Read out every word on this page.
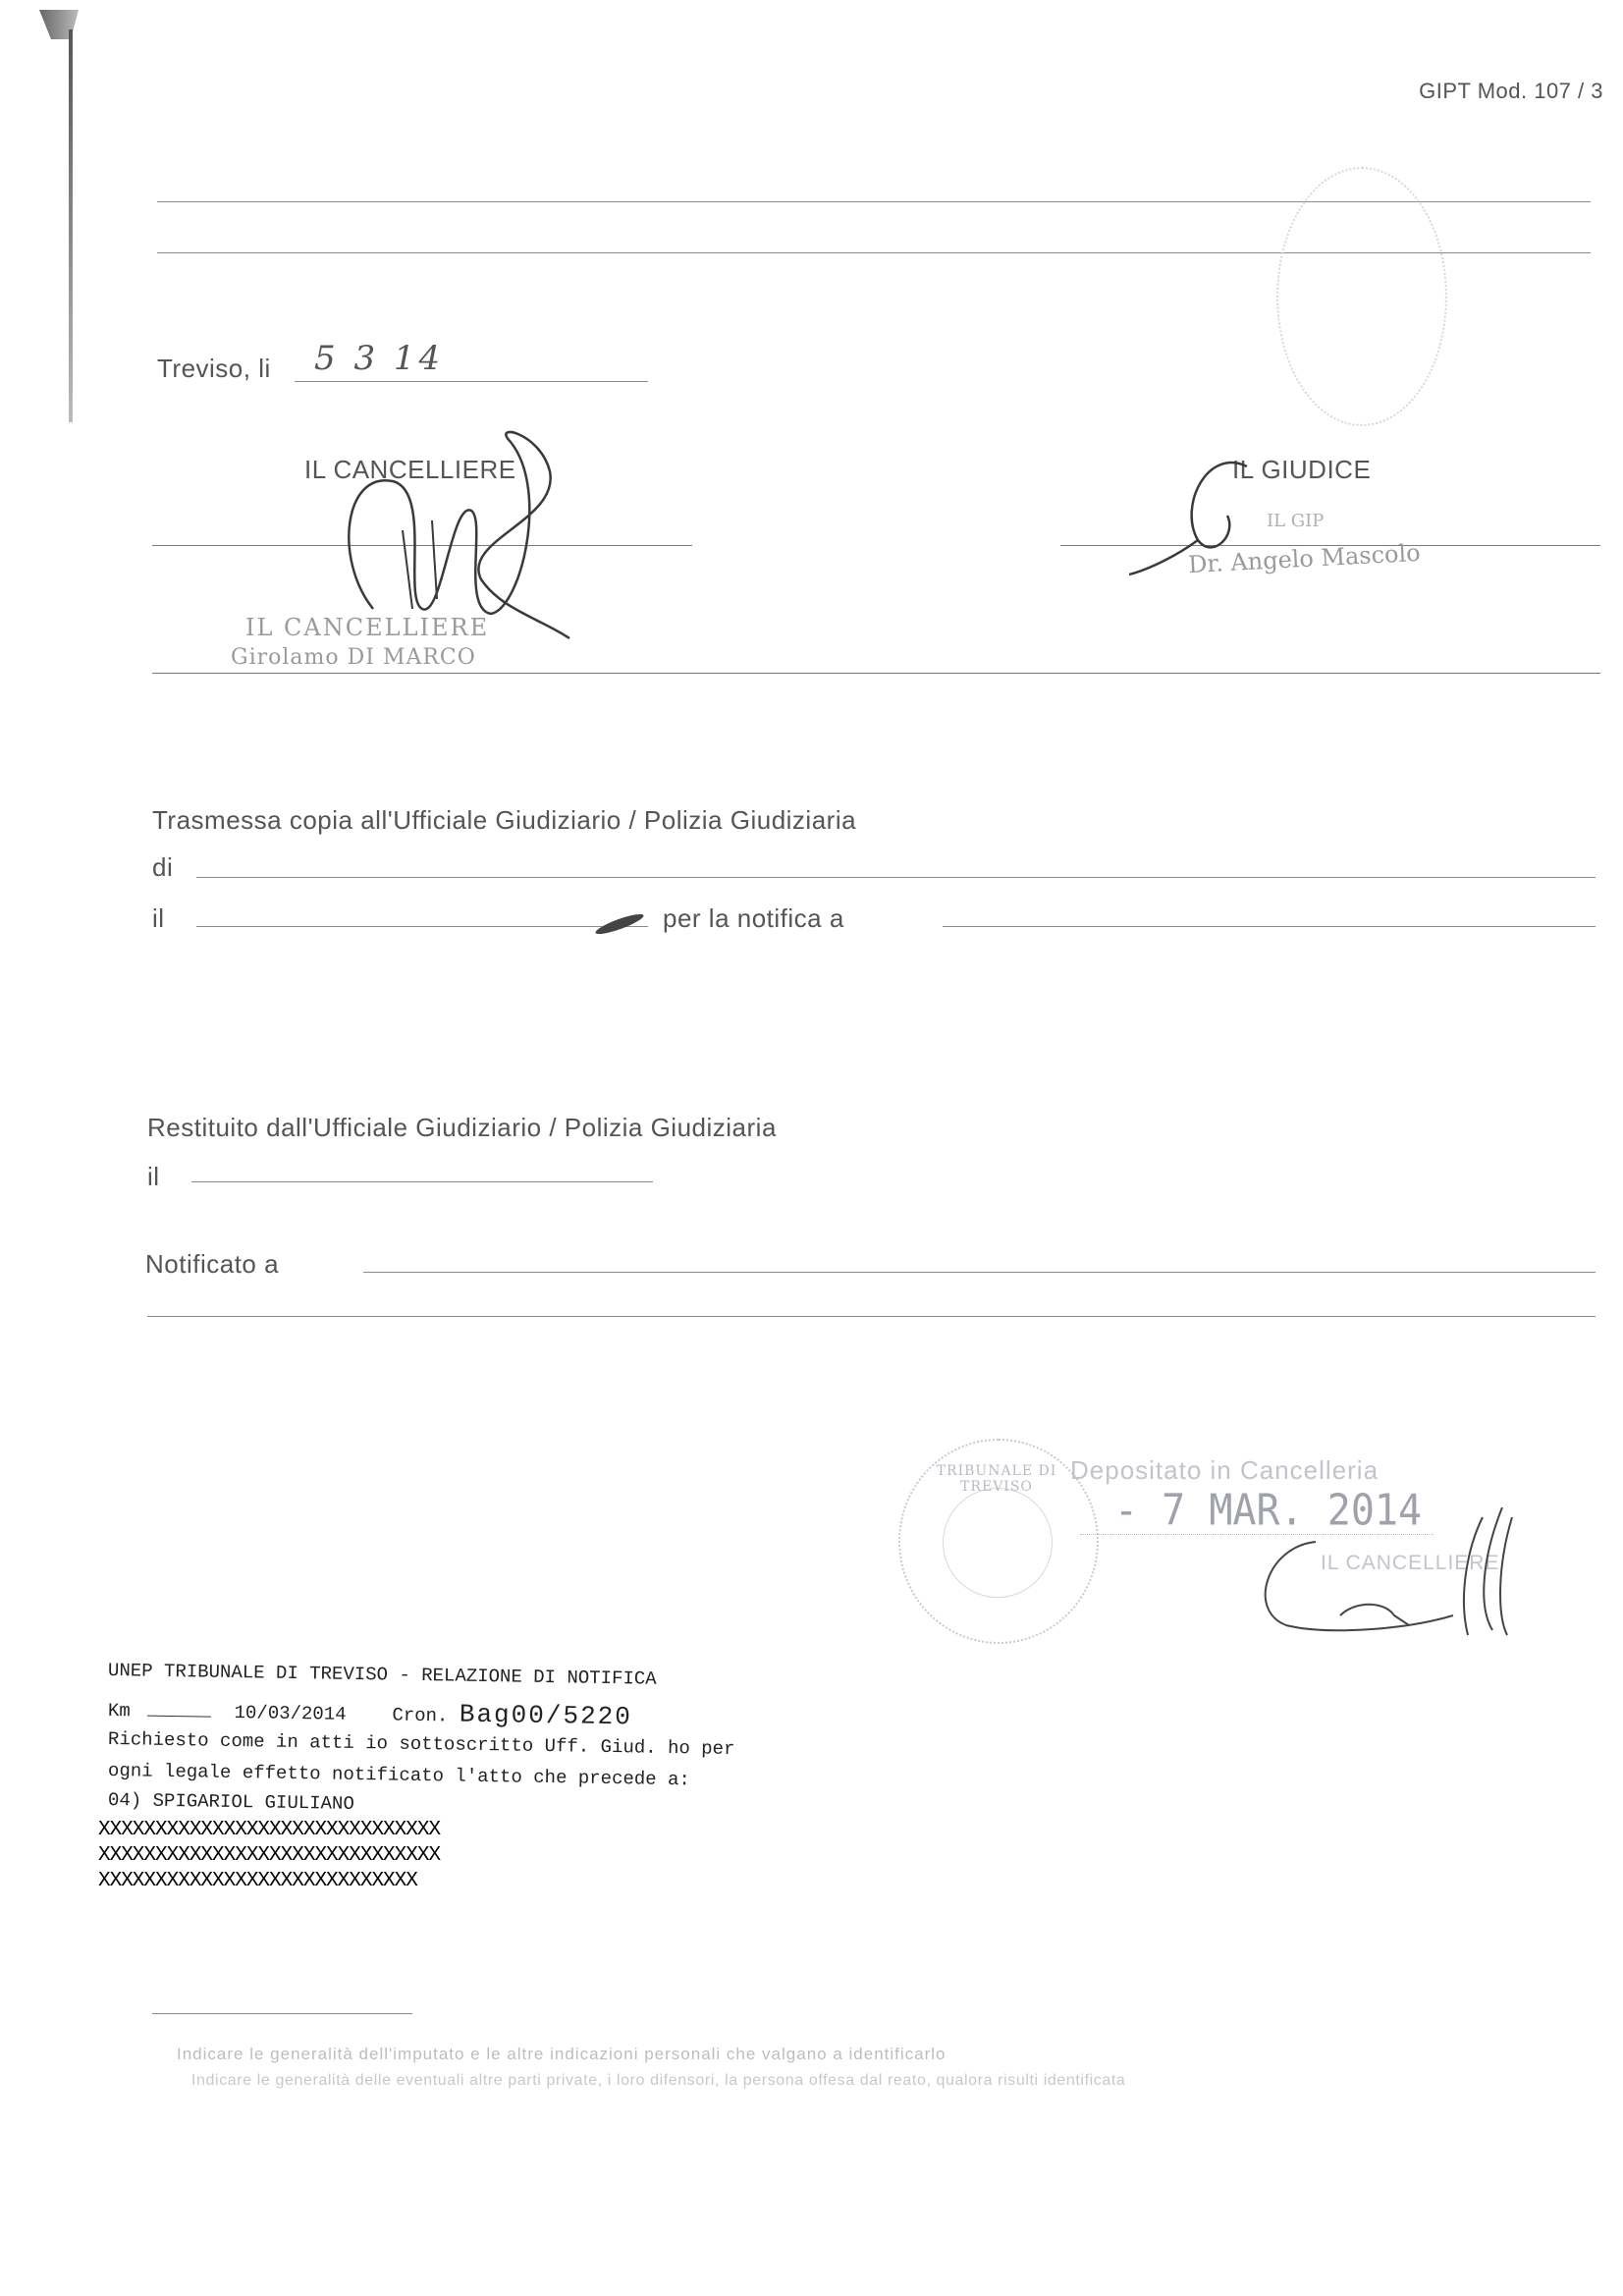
GIPT Mod. 107 / 3
Treviso, li 5 3 14
IL CANCELLIERE	IL GIUDICE
IL CANCELLIERE
Girolamo DI MARCO
IL GIP
Dr. Angelo Mascolo
Trasmessa copia all'Ufficiale Giudiziario / Polizia Giudiziaria
di
il	per la notifica a
Restituito dall'Ufficiale Giudiziario / Polizia Giudiziaria
il
Notificato a
TRIBUNALE DI TREVISO
Depositato in Cancelleria
- 7 MAR. 2014
IL CANCELLIERE
UNEP TRIBUNALE DI TREVISO - RELAZIONE DI NOTIFICA
Km	10/03/2014 Cron. Bag00/5220
Richiesto come in atti io sottoscritto Uff. Giud. ho per
ogni legale effetto notificato l'atto che precede a:
04) SPIGARIOL GIULIANO
XXXXXXXXXXXXXXXXXXXXXXXXXXXXXX
XXXXXXXXXXXXXXXXXXXXXXXXXXXXXX
XXXXXXXXXXXXXXXXXXXXXXXXXXXX
Indicare le generalità dell'imputato e le altre indicazioni personali che valgano a identificarlo
Indicare le generalità delle eventuali altre parti private, i loro difensori, la persona offesa dal reato, qualora risulti identificata
